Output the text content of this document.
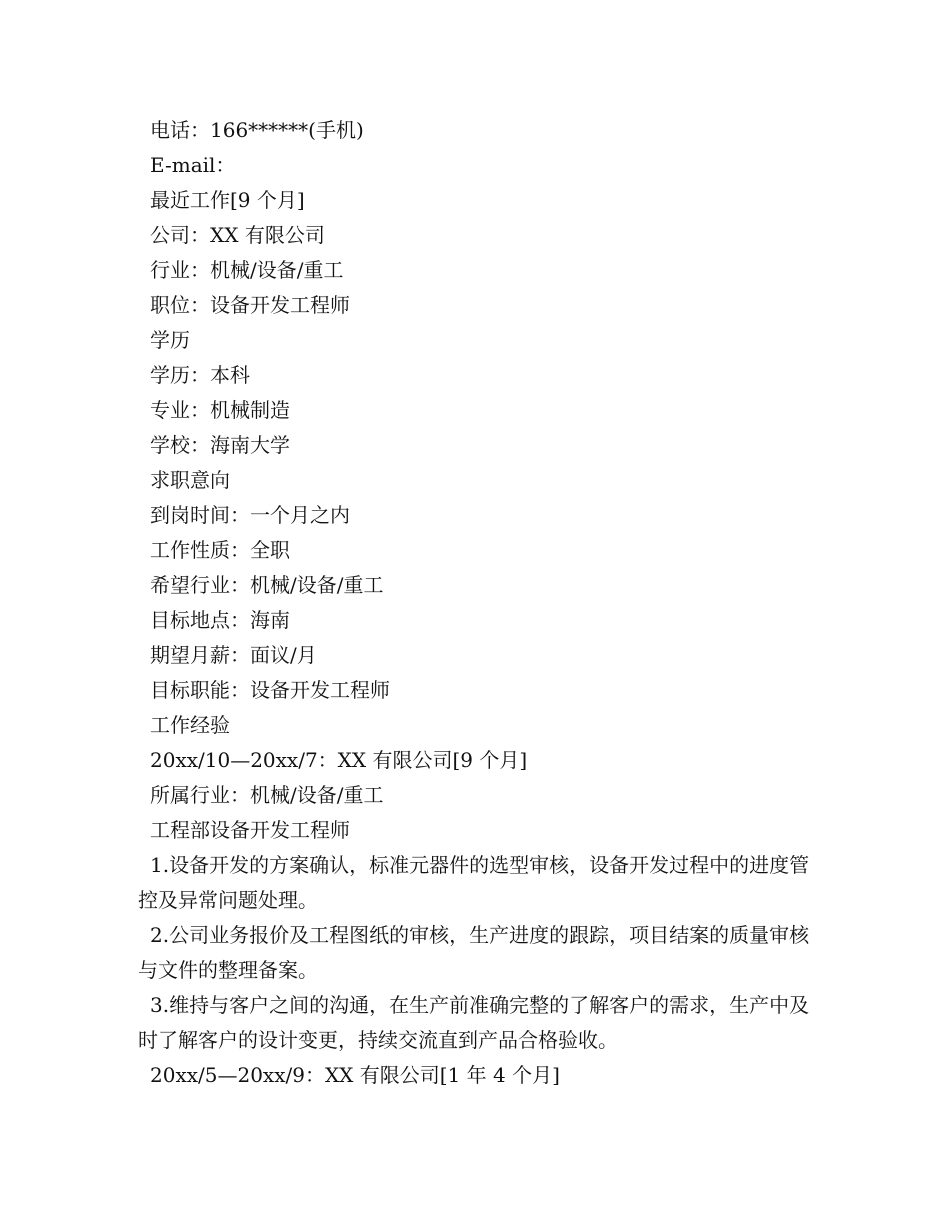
电话：166******(手机)
E-mail：
最近工作[9 个月]
公司：XX 有限公司
行业：机械/设备/重工
职位：设备开发工程师
学历
学历：本科
专业：机械制造
学校：海南大学
求职意向
到岗时间：一个月之内
工作性质：全职
希望行业：机械/设备/重工
目标地点：海南
期望月薪：面议/月
目标职能：设备开发工程师
工作经验
20xx/10—20xx/7：XX 有限公司[9 个月]
所属行业：机械/设备/重工
工程部设备开发工程师
1.设备开发的方案确认，标准元器件的选型审核，设备开发过程中的进度管控及异常问题处理。
2.公司业务报价及工程图纸的审核，生产进度的跟踪，项目结案的质量审核与文件的整理备案。
3.维持与客户之间的沟通，在生产前准确完整的了解客户的需求，生产中及时了解客户的设计变更，持续交流直到产品合格验收。
20xx/5—20xx/9：XX 有限公司[1 年 4 个月]
